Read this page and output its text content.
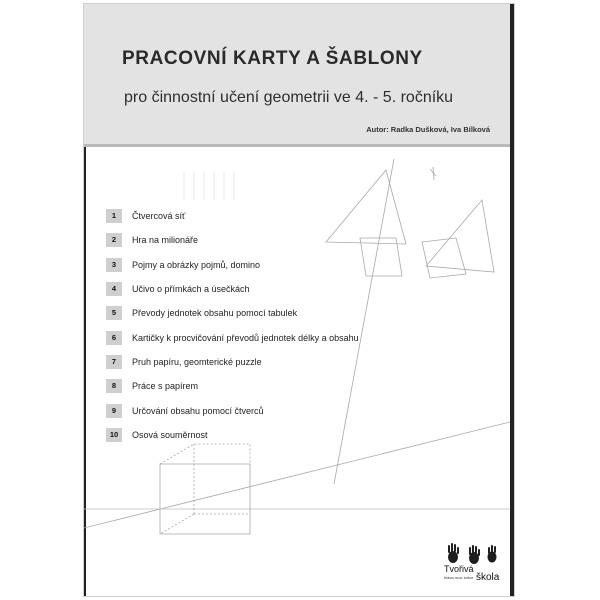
PRACOVNÍ KARTY A ŠABLONY
pro činnostní učení geometrii ve 4. - 5. ročníku
Autor: Radka Dušková, Iva Bílková
1	Čtvercová síť
2	Hra na milionáře
3	Pojmy a obrázky pojmů, domino
4	Učivo o přímkách a úsečkách
5	Převody jednotek obsahu pomocí tabulek
6	Kartičky k procvičování převodů jednotek délky a obsahu
7	Pruh papíru, geomterické puzzle
8	Práce s papírem
9	Určování obsahu pomocí čtverců
10	Osová souměrnost
Tvořivá
hlava ruce srdce škola
